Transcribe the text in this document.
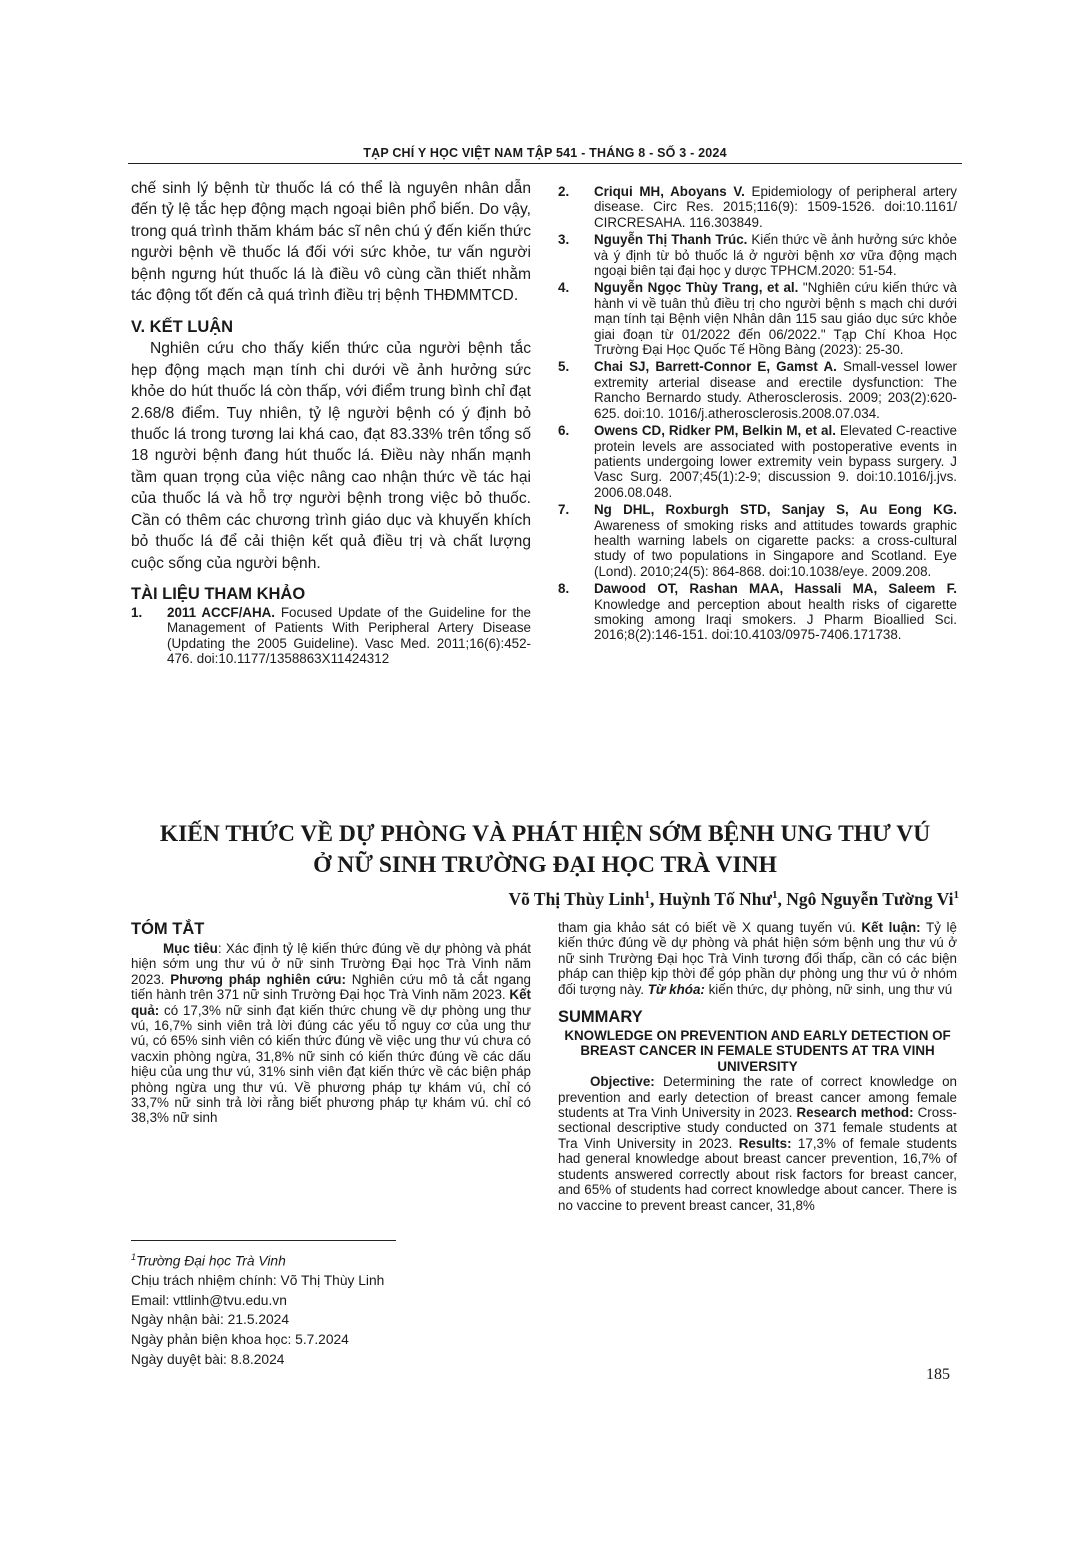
TẠP CHÍ Y HỌC VIỆT NAM TẬP 541 - THÁNG 8 - SỐ 3 - 2024

chế sinh lý bệnh từ thuốc lá có thể là nguyên nhân dẫn đến tỷ lệ tắc hẹp động mạch ngoại biên phổ biến. Do vậy, trong quá trình thăm khám bác sĩ nên chú ý đến kiến thức người bệnh về thuốc lá đối với sức khỏe, tư vấn người bệnh ngưng hút thuốc lá là điều vô cùng cần thiết nhằm tác động tốt đến cả quá trình điều trị bệnh THĐMMTCD.

V. KẾT LUẬN

Nghiên cứu cho thấy kiến thức của người bệnh tắc hẹp động mạch mạn tính chi dưới về ảnh hưởng sức khỏe do hút thuốc lá còn thấp, với điểm trung bình chỉ đạt 2.68/8 điểm. Tuy nhiên, tỷ lệ người bệnh có ý định bỏ thuốc lá trong tương lai khá cao, đạt 83.33% trên tổng số 18 người bệnh đang hút thuốc lá. Điều này nhấn mạnh tầm quan trọng của việc nâng cao nhận thức về tác hại của thuốc lá và hỗ trợ người bệnh trong việc bỏ thuốc. Cần có thêm các chương trình giáo dục và khuyến khích bỏ thuốc lá để cải thiện kết quả điều trị và chất lượng cuộc sống của người bệnh.

TÀI LIỆU THAM KHẢO
1. 2011 ACCF/AHA. Focused Update of the Guideline for the Management of Patients With Peripheral Artery Disease (Updating the 2005 Guideline). Vasc Med. 2011;16(6):452-476. doi:10.1177/1358863X11424312
2. Criqui MH, Aboyans V. Epidemiology of peripheral artery disease. Circ Res. 2015;116(9): 1509-1526. doi:10.1161/ CIRCRESAHA. 116.303849.
3. Nguyễn Thị Thanh Trúc. Kiến thức về ảnh hưởng sức khỏe và ý định từ bỏ thuốc lá ở người bệnh xơ vữa động mạch ngoại biên tại đại học y dược TPHCM.2020: 51-54.
4. Nguyễn Ngọc Thùy Trang, et al. "Nghiên cứu kiến thức và hành vi về tuân thủ điều trị cho người bệnh s mạch chi dưới mạn tính tại Bệnh viện Nhân dân 115 sau giáo dục sức khỏe giai đoạn từ 01/2022 đến 06/2022." Tạp Chí Khoa Học Trường Đại Học Quốc Tế Hồng Bàng (2023): 25-30.
5. Chai SJ, Barrett-Connor E, Gamst A. Small-vessel lower extremity arterial disease and erectile dysfunction: The Rancho Bernardo study. Atherosclerosis. 2009; 203(2):620-625. doi:10. 1016/j.atherosclerosis.2008.07.034.
6. Owens CD, Ridker PM, Belkin M, et al. Elevated C-reactive protein levels are associated with postoperative events in patients undergoing lower extremity vein bypass surgery. J Vasc Surg. 2007;45(1):2-9; discussion 9. doi:10.1016/j.jvs. 2006.08.048.
7. Ng DHL, Roxburgh STD, Sanjay S, Au Eong KG. Awareness of smoking risks and attitudes towards graphic health warning labels on cigarette packs: a cross-cultural study of two populations in Singapore and Scotland. Eye (Lond). 2010;24(5): 864-868. doi:10.1038/eye. 2009.208.
8. Dawood OT, Rashan MAA, Hassali MA, Saleem F. Knowledge and perception about health risks of cigarette smoking among Iraqi smokers. J Pharm Bioallied Sci. 2016;8(2):146-151. doi:10.4103/0975-7406.171738.
KIẾN THỨC VỀ DỰ PHÒNG VÀ PHÁT HIỆN SỚM BỆNH UNG THƯ VÚ
Ở NỮ SINH TRƯỜNG ĐẠI HỌC TRÀ VINH
Võ Thị Thùy Linh$^1$, Huỳnh Tố Như$^1$, Ngô Nguyễn Tường Vi$^1$
TÓM TẮT

Mục tiêu: Xác định tỷ lệ kiến thức đúng về dự phòng và phát hiện sớm ung thư vú ở nữ sinh Trường Đại học Trà Vinh năm 2023. Phương pháp nghiên cứu: Nghiên cứu mô tả cắt ngang tiến hành trên 371 nữ sinh Trường Đại học Trà Vinh năm 2023. Kết quả: có 17,3% nữ sinh đạt kiến thức chung về dự phòng ung thư vú, 16,7% sinh viên trả lời đúng các yếu tố nguy cơ của ung thư vú, có 65% sinh viên có kiến thức đúng về việc ung thư vú chưa có vacxin phòng ngừa, 31,8% nữ sinh có kiến thức đúng về các dấu hiệu của ung thư vú, 31% sinh viên đạt kiến thức về các biện pháp phòng ngừa ung thư vú. Về phương pháp tự khám vú, chỉ có 33,7% nữ sinh trả lời rằng biết phương pháp tự khám vú. chỉ có 38,3% nữ sinh

tham gia khảo sát có biết về X quang tuyến vú. Kết luận: Tỷ lệ kiến thức đúng về dự phòng và phát hiện sớm bệnh ung thư vú ở nữ sinh Trường Đại học Trà Vinh tương đối thấp, cần có các biện pháp can thiệp kịp thời để góp phần dự phòng ung thư vú ở nhóm đối tượng này. Từ khóa: kiến thức, dự phòng, nữ sinh, ung thư vú

SUMMARY

KNOWLEDGE ON PREVENTION AND EARLY DETECTION OF BREAST CANCER IN FEMALE STUDENTS AT TRA VINH UNIVERSITY

Objective: Determining the rate of correct knowledge on prevention and early detection of breast cancer among female students at Tra Vinh University in 2023. Research method: Cross-sectional descriptive study conducted on 371 female students at Tra Vinh University in 2023. Results: 17,3% of female students had general knowledge about breast cancer prevention, 16,7% of students answered correctly about risk factors for breast cancer, and 65% of students had correct knowledge about cancer. There is no vaccine to prevent breast cancer, 31,8%

$^1$Trường Đại học Trà Vinh
Chịu trách nhiệm chính: Võ Thị Thùy Linh
Email: vttlinh@tvu.edu.vn
Ngày nhận bài: 21.5.2024
Ngày phản biện khoa học: 5.7.2024
Ngày duyệt bài: 8.8.2024
185
